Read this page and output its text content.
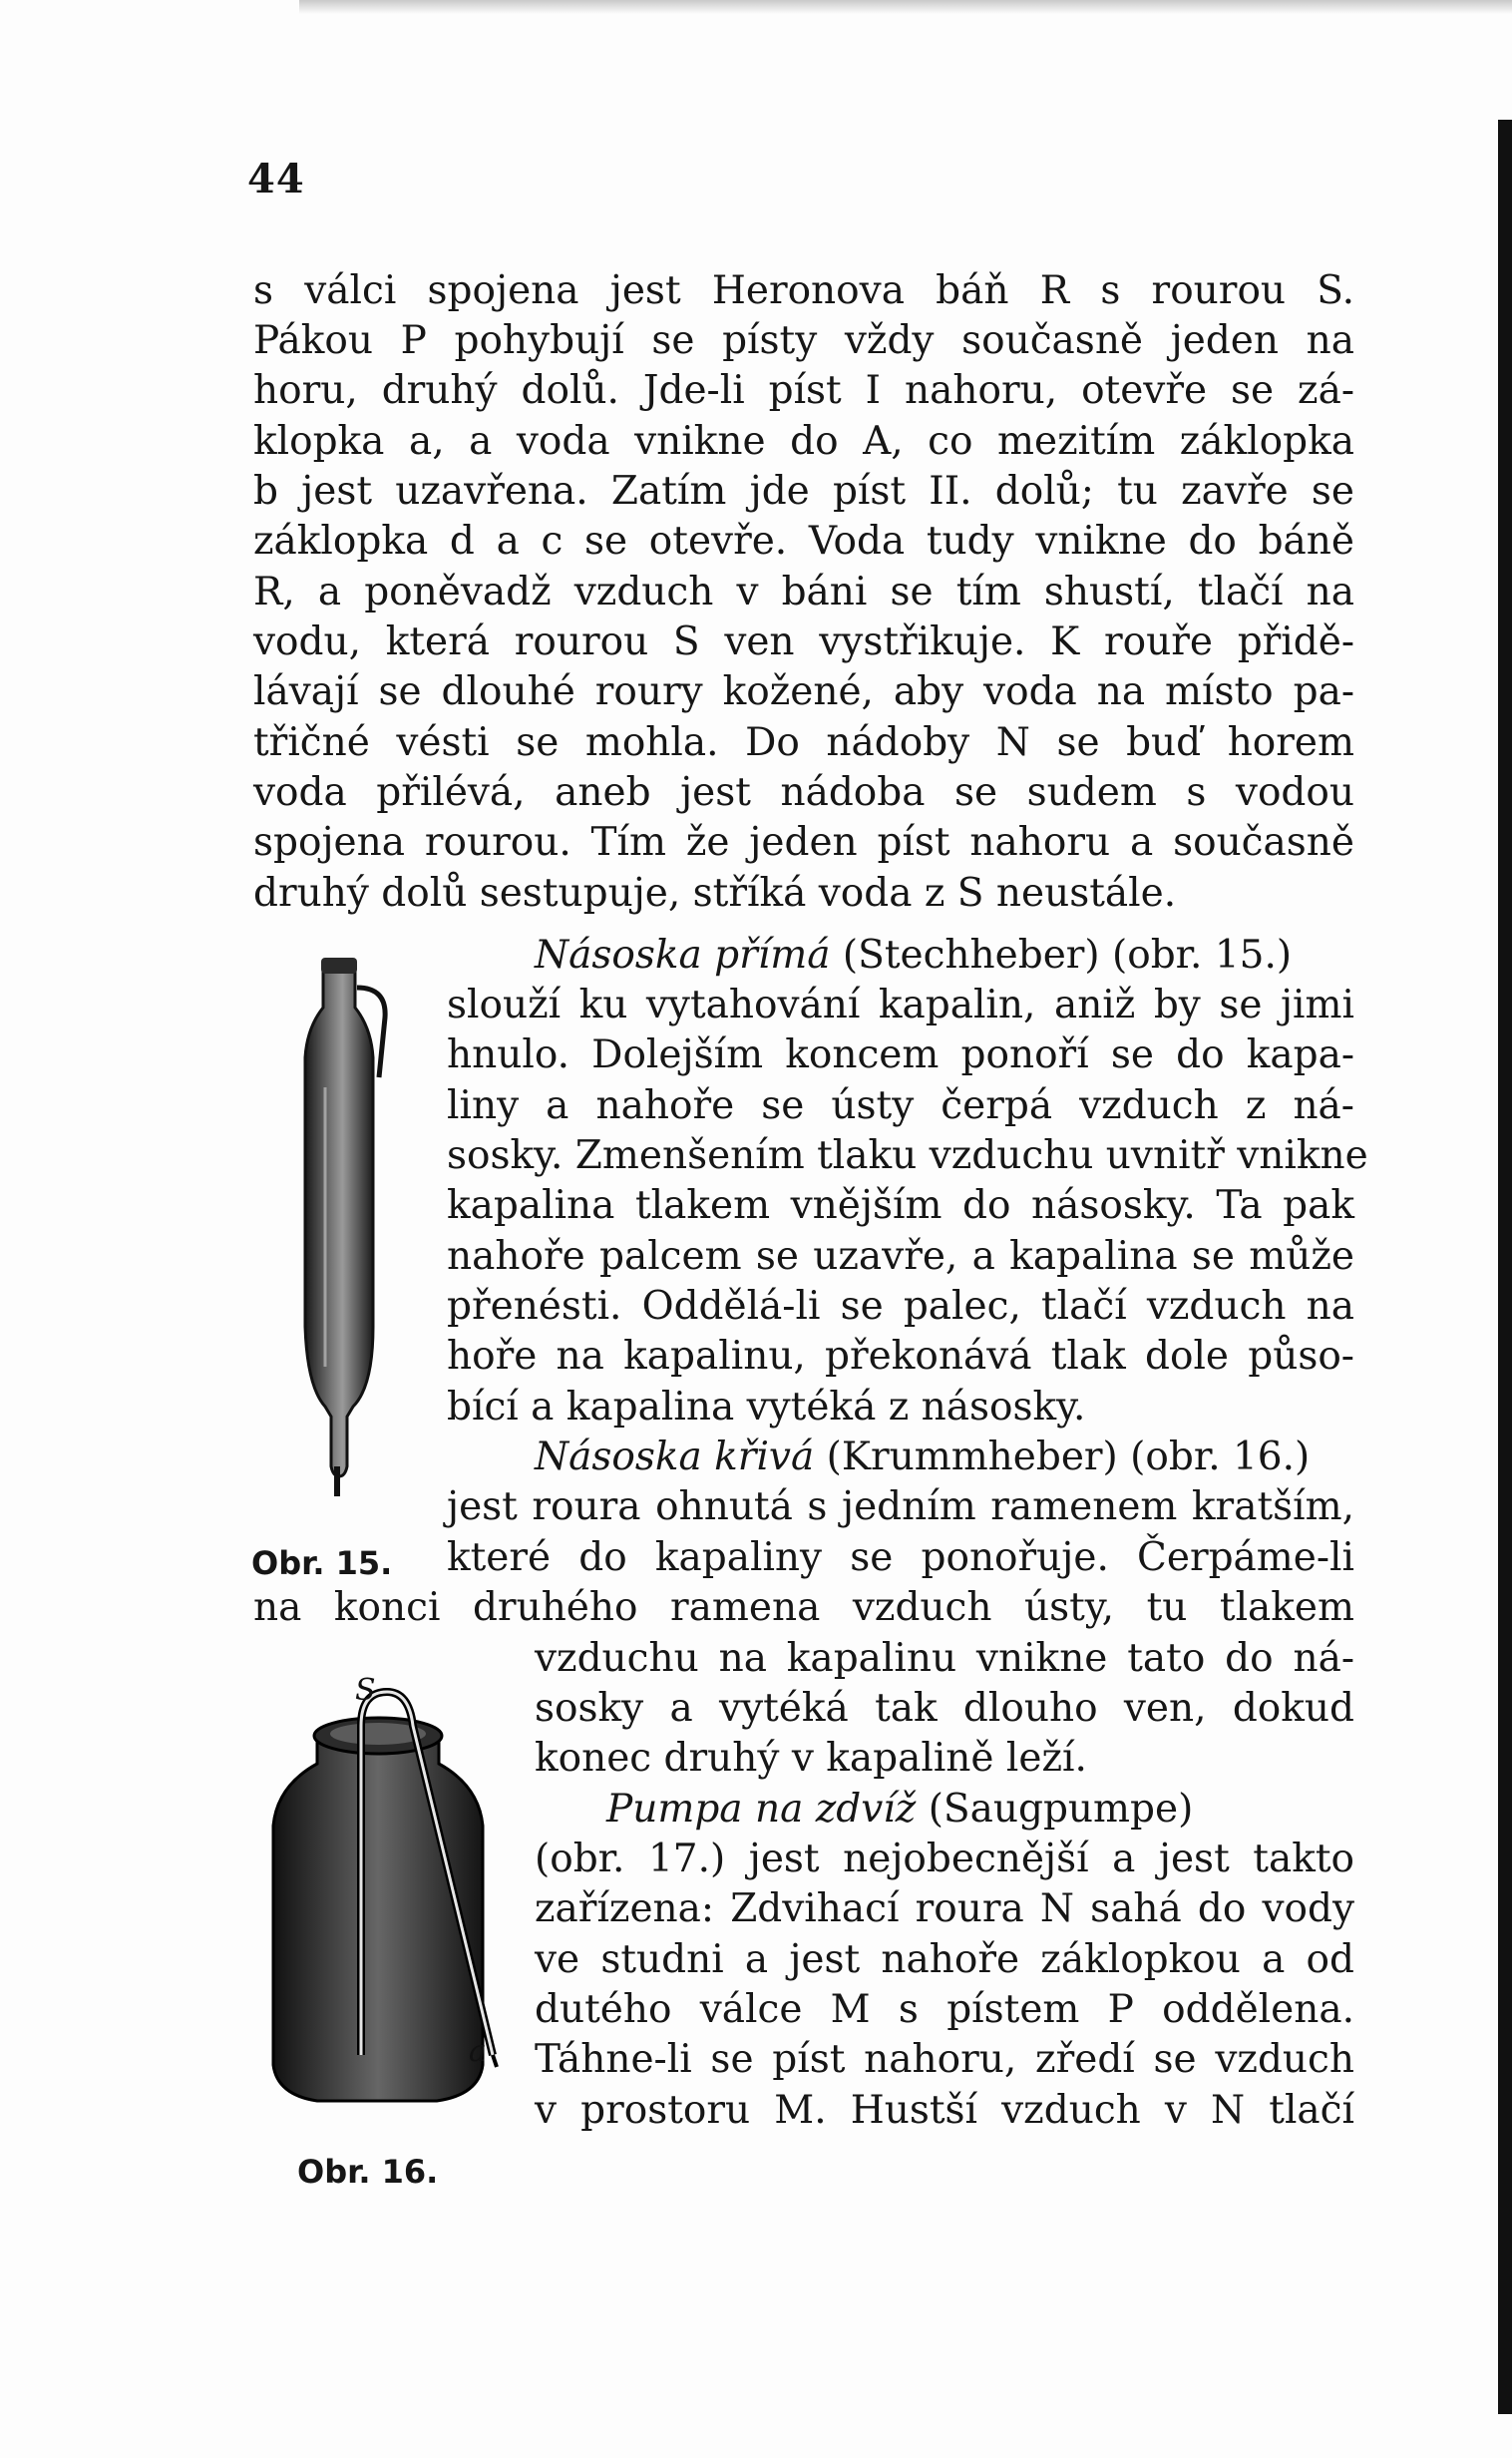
44
s válci spojena jest Heronova báň R s rourou S.
Pákou P pohybují se písty vždy současně jeden na
horu, druhý dolů. Jde-li píst I nahoru, otevře se zá-
klopka a, a voda vnikne do A, co mezitím záklopka
b jest uzavřena. Zatím jde píst II. dolů; tu zavře se
záklopka d a c se otevře. Voda tudy vnikne do báně
R, a poněvadž vzduch v báni se tím shustí, tlačí na
vodu, která rourou S ven vystřikuje. K rouře přidě-
lávají se dlouhé roury kožené, aby voda na místo pa-
třičné vésti se mohla. Do nádoby N se buď horem
voda přilévá, aneb jest nádoba se sudem s vodou
spojena rourou. Tím že jeden píst nahoru a současně
druhý dolů sestupuje, stříká voda z S neustále.
Násoska přímá (Stechheber) (obr. 15.)
slouží ku vytahování kapalin, aniž by se jimi
hnulo. Dolejším koncem ponoří se do kapa-
liny a nahoře se ústy čerpá vzduch z ná-
sosky. Zmenšením tlaku vzduchu uvnitř vnikne
kapalina tlakem vnějším do násosky. Ta pak
nahoře palcem se uzavře, a kapalina se může
přenésti. Oddělá-li se palec, tlačí vzduch na
hoře na kapalinu, překonává tlak dole půso-
bící a kapalina vytéká z násosky.
Násoska křivá (Krummheber) (obr. 16.)
jest roura ohnutá s jedním ramenem kratším,
které do kapaliny se ponořuje. Čerpáme-li
Obr. 15.
na konci druhého ramena vzduch ústy, tu tlakem
vzduchu na kapalinu vnikne tato do ná-
sosky a vytéká tak dlouho ven, dokud
konec druhý v kapalině leží.
S
a
Pumpa na zdvíž (Saugpumpe)
(obr. 17.) jest nejobecnější a jest takto
zařízena: Zdvihací roura N sahá do vody
ve studni a jest nahoře záklopkou a od
dutého válce M s pístem P oddělena.
Táhne-li se píst nahoru, zředí se vzduch
v prostoru M. Hustší vzduch v N tlačí
Obr. 16.
